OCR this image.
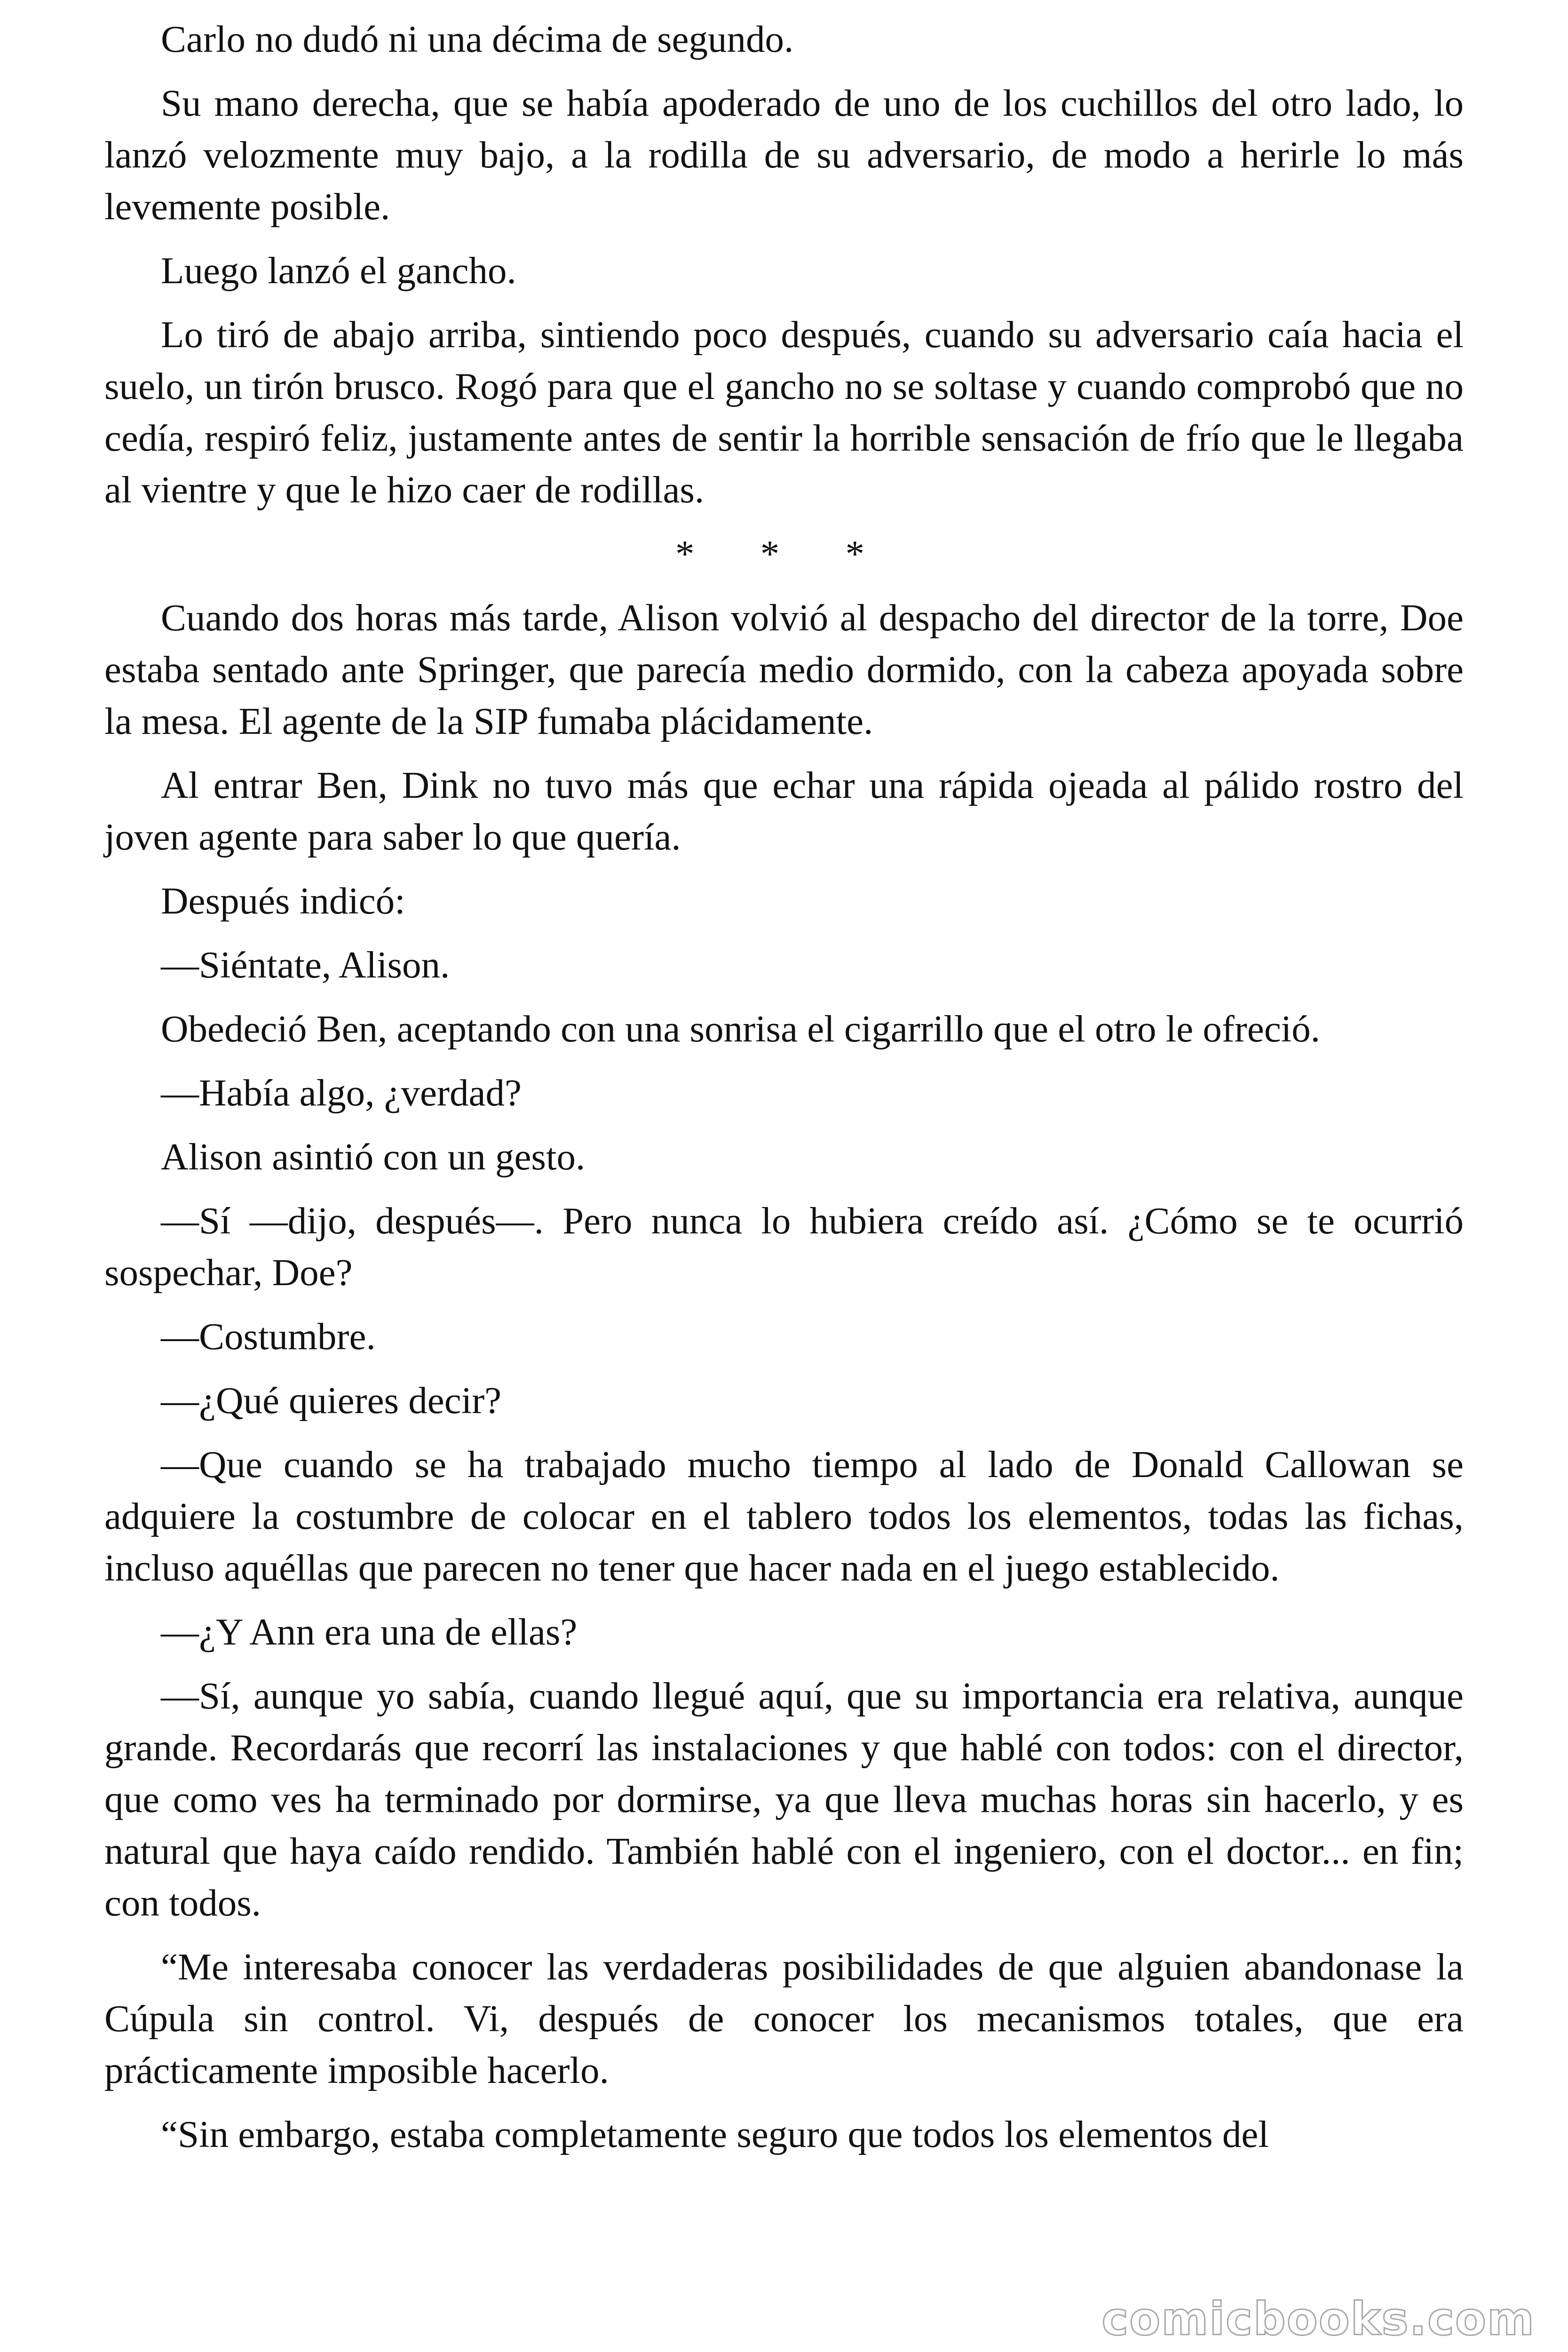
Carlo no dudó ni una décima de segundo.

Su mano derecha, que se había apoderado de uno de los cuchillos del otro lado, lo lanzó velozmente muy bajo, a la rodilla de su adversario, de modo a herirle lo más levemente posible.

Luego lanzó el gancho.

Lo tiró de abajo arriba, sintiendo poco después, cuando su adversario caía hacia el suelo, un tirón brusco. Rogó para que el gancho no se soltase y cuando comprobó que no cedía, respiró feliz, justamente antes de sentir la horrible sensación de frío que le llegaba al vientre y que le hizo caer de rodillas.

* * *

Cuando dos horas más tarde, Alison volvió al despacho del director de la torre, Doe estaba sentado ante Springer, que parecía medio dormido, con la cabeza apoyada sobre la mesa. El agente de la SIP fumaba plácidamente.

Al entrar Ben, Dink no tuvo más que echar una rápida ojeada al pálido rostro del joven agente para saber lo que quería.

Después indicó:

—Siéntate, Alison.

Obedeció Ben, aceptando con una sonrisa el cigarrillo que el otro le ofreció.

—Había algo, ¿verdad?

Alison asintió con un gesto.

—Sí —dijo, después—. Pero nunca lo hubiera creído así. ¿Cómo se te ocurrió sospechar, Doe?

—Costumbre.

—¿Qué quieres decir?

—Que cuando se ha trabajado mucho tiempo al lado de Donald Callowan se adquiere la costumbre de colocar en el tablero todos los elementos, todas las fichas, incluso aquéllas que parecen no tener que hacer nada en el juego establecido.

—¿Y Ann era una de ellas?

—Sí, aunque yo sabía, cuando llegué aquí, que su importancia era relativa, aunque grande. Recordarás que recorrí las instalaciones y que hablé con todos: con el director, que como ves ha terminado por dormirse, ya que lleva muchas horas sin hacerlo, y es natural que haya caído rendido. También hablé con el ingeniero, con el doctor... en fin; con todos.

“Me interesaba conocer las verdaderas posibilidades de que alguien abandonase la Cúpula sin control. Vi, después de conocer los mecanismos totales, que era prácticamente imposible hacerlo.

“Sin embargo, estaba completamente seguro que todos los elementos del

comicbooks.com
